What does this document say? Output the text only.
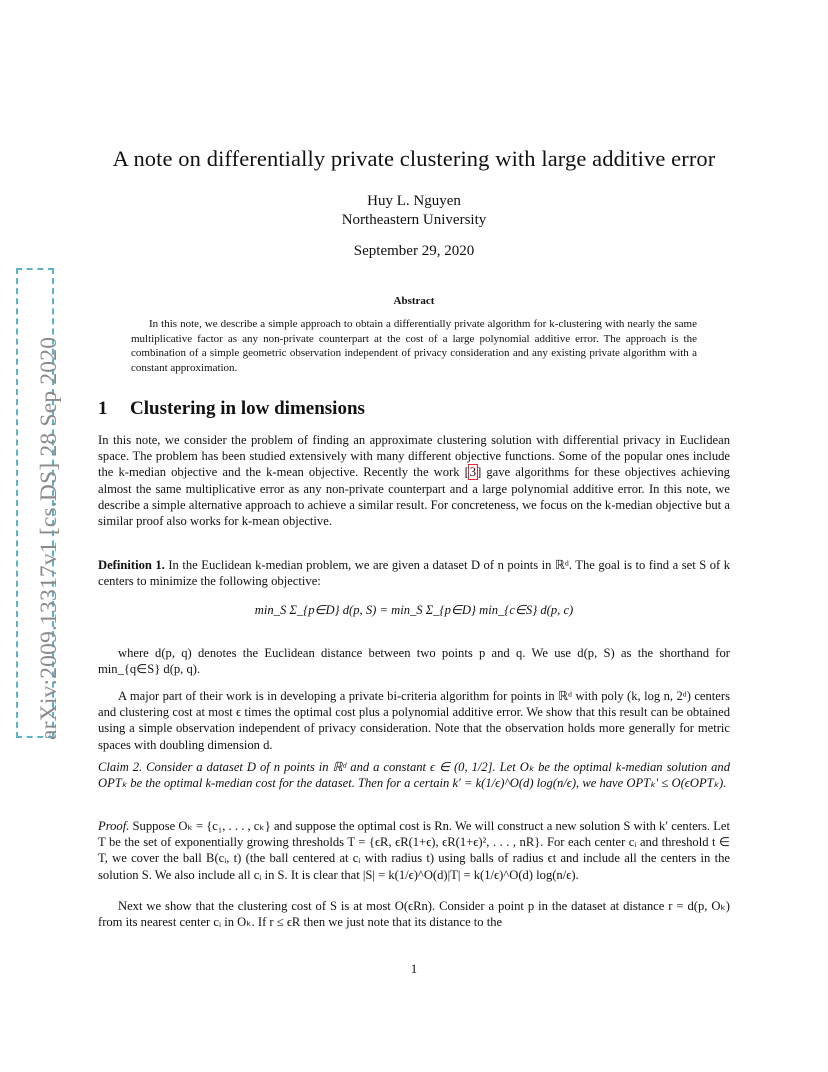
arXiv:2009.13317v1 [cs.DS] 28 Sep 2020
A note on differentially private clustering with large additive error
Huy L. Nguyen
Northeastern University
September 29, 2020
Abstract
In this note, we describe a simple approach to obtain a differentially private algorithm for k-clustering with nearly the same multiplicative factor as any non-private counterpart at the cost of a large polynomial additive error. The approach is the combination of a simple geometric observation independent of privacy consideration and any existing private algorithm with a constant approximation.
1 Clustering in low dimensions
In this note, we consider the problem of finding an approximate clustering solution with differential privacy in Euclidean space. The problem has been studied extensively with many different objective functions. Some of the popular ones include the k-median objective and the k-mean objective. Recently the work [3] gave algorithms for these objectives achieving almost the same multiplicative error as any non-private counterpart and a large polynomial additive error. In this note, we describe a simple alternative approach to achieve a similar result. For concreteness, we focus on the k-median objective but a similar proof also works for k-mean objective.
Definition 1. In the Euclidean k-median problem, we are given a dataset D of n points in ℝᵈ. The goal is to find a set S of k centers to minimize the following objective:
min_S Σ_{p∈D} d(p, S) = min_S Σ_{p∈D} min_{c∈S} d(p, c)
where d(p, q) denotes the Euclidean distance between two points p and q. We use d(p, S) as the shorthand for min_{q∈S} d(p, q).
A major part of their work is in developing a private bi-criteria algorithm for points in ℝᵈ with poly (k, log n, 2ᵈ) centers and clustering cost at most ϵ times the optimal cost plus a polynomial additive error. We show that this result can be obtained using a simple observation independent of privacy consideration. Note that the observation holds more generally for metric spaces with doubling dimension d.
Claim 2. Consider a dataset D of n points in ℝᵈ and a constant ϵ ∈ (0, 1/2]. Let Oₖ be the optimal k-median solution and OPTₖ be the optimal k-median cost for the dataset. Then for a certain k′ = k(1/ϵ)^O(d) log(n/ϵ), we have OPTₖ′ ≤ O(ϵOPTₖ).
Proof. Suppose Oₖ = {c₁, . . . , cₖ} and suppose the optimal cost is Rn. We will construct a new solution S with k′ centers. Let T be the set of exponentially growing thresholds T = {ϵR, ϵR(1+ϵ), ϵR(1+ϵ)², . . . , nR}. For each center cᵢ and threshold t ∈ T, we cover the ball B(cᵢ, t) (the ball centered at cᵢ with radius t) using balls of radius ϵt and include all the centers in the solution S. We also include all cᵢ in S. It is clear that |S| = k(1/ϵ)^O(d)|T| = k(1/ϵ)^O(d) log(n/ϵ).
Next we show that the clustering cost of S is at most O(ϵRn). Consider a point p in the dataset at distance r = d(p, Oₖ) from its nearest center cᵢ in Oₖ. If r ≤ ϵR then we just note that its distance to the
1
